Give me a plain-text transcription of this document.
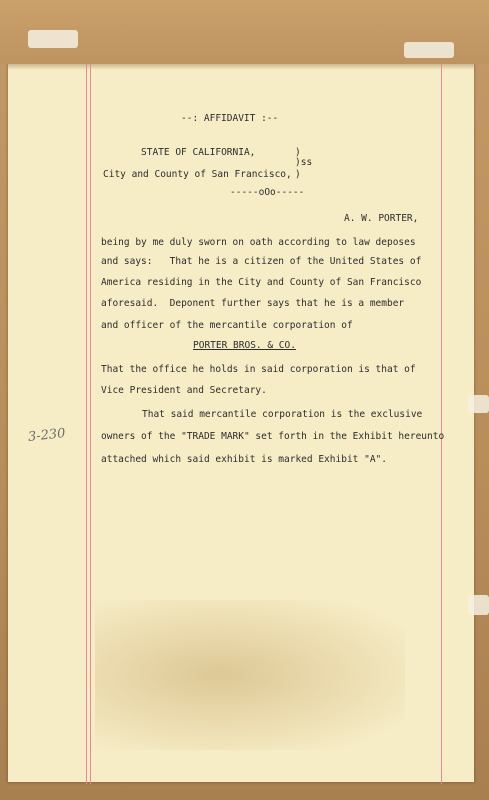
--: AFFIDAVIT :--
STATE OF CALIFORNIA,	)
)ss
City and County of San Francisco, )
-----oOo-----
A. W. PORTER,
being by me duly sworn on oath according to law deposes
and says:   That he is a citizen of the United States of
America residing in the City and County of San Francisco
aforesaid.  Deponent further says that he is a member
and officer of the mercantile corporation of
PORTER BROS. & CO.
That the office he holds in said corporation is that of
Vice President and Secretary.
That said mercantile corporation is the exclusive
owners of the "TRADE MARK" set forth in the Exhibit hereunto
attached which said exhibit is marked Exhibit "A".
3-230
